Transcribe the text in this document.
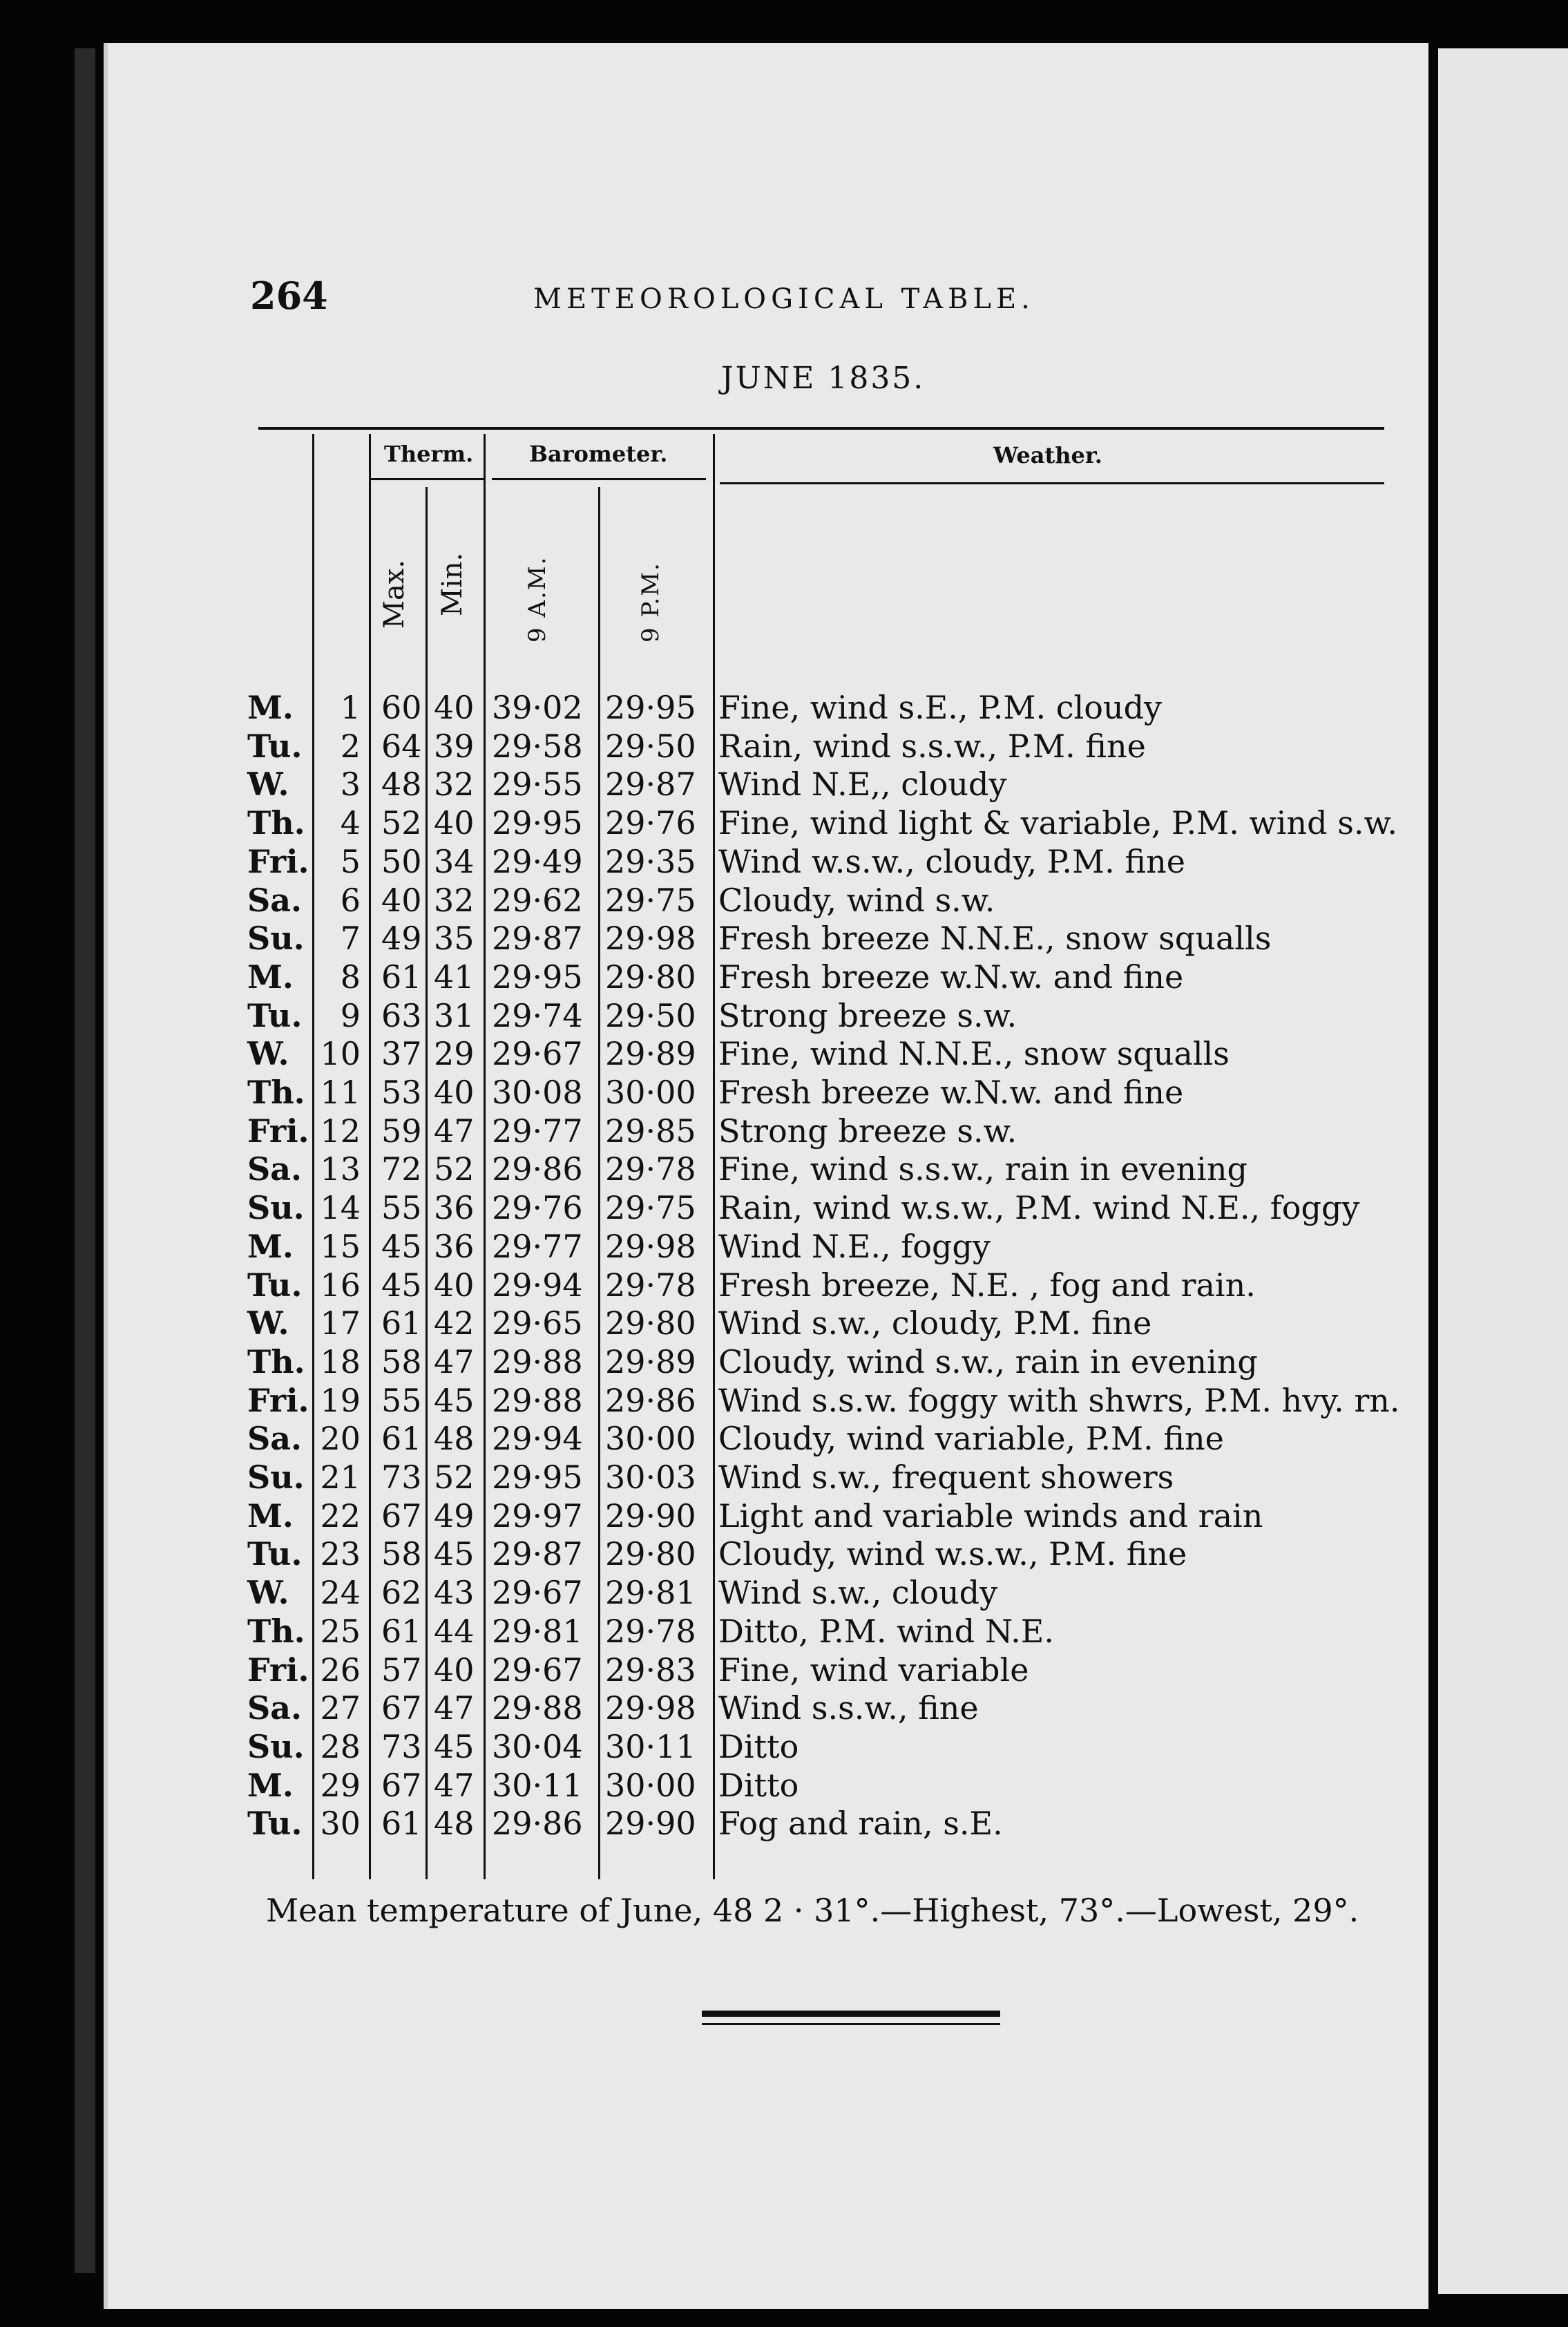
264	METEOROLOGICAL TABLE.
JUNE 1835.
Therm.	Barometer.	Weather.
Max. Min. 9 A.M.	9 P.M.
M. 1 60 40 39·02 29·95 Fine, wind s.E., P.M. cloudy
Tu. 2 64 39 29·58 29·50 Rain, wind s.s.w., P.M. fine
W. 3 48 32 29·55 29·87 Wind N.E,, cloudy
Th. 4 52 40 29·95 29·76 Fine, wind light & variable, P.M. wind s.w.
Fri. 5 50 34 29·49 29·35 Wind w.s.w., cloudy, P.M. fine
Sa. 6 40 32 29·62 29·75 Cloudy, wind s.w.
Su. 7 49 35 29·87 29·98 Fresh breeze N.N.E., snow squalls
M. 8 61 41 29·95 29·80 Fresh breeze w.N.w. and fine
Tu. 9 63 31 29·74 29·50 Strong breeze s.w.
W. 10 37 29 29·67 29·89 Fine, wind N.N.E., snow squalls
Th. 11 53 40 30·08 30·00 Fresh breeze w.N.w. and fine
Fri. 12 59 47 29·77 29·85 Strong breeze s.w.
Sa. 13 72 52 29·86 29·78 Fine, wind s.s.w., rain in evening
Su. 14 55 36 29·76 29·75 Rain, wind w.s.w., P.M. wind N.E., foggy
M. 15 45 36 29·77 29·98 Wind N.E., foggy
Tu. 16 45 40 29·94 29·78 Fresh breeze, N.E. , fog and rain.
W. 17 61 42 29·65 29·80 Wind s.w., cloudy, P.M. fine
Th. 18 58 47 29·88 29·89 Cloudy, wind s.w., rain in evening
Fri. 19 55 45 29·88 29·86 Wind s.s.w. foggy with shwrs, P.M. hvy. rn.
Sa. 20 61 48 29·94 30·00 Cloudy, wind variable, P.M. fine
Su. 21 73 52 29·95 30·03 Wind s.w., frequent showers
M. 22 67 49 29·97 29·90 Light and variable winds and rain
Tu. 23 58 45 29·87 29·80 Cloudy, wind w.s.w., P.M. fine
W. 24 62 43 29·67 29·81 Wind s.w., cloudy
Th. 25 61 44 29·81 29·78 Ditto, P.M. wind N.E.
Fri. 26 57 40 29·67 29·83 Fine, wind variable
Sa. 27 67 47 29·88 29·98 Wind s.s.w., fine
Su. 28 73 45 30·04 30·11 Ditto
M. 29 67 47 30·11 30·00 Ditto
Tu. 30 61 48 29·86 29·90 Fog and rain, s.E.
Mean temperature of June, 48 2 · 31°.—Highest, 73°.—Lowest, 29°.
